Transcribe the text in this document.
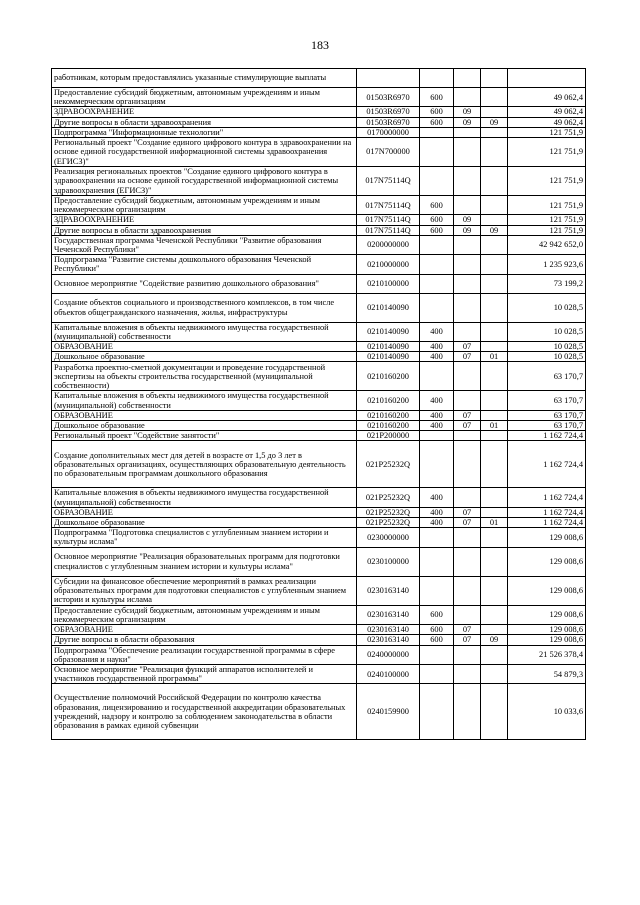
183
работникам, которым предоставлялись указанные стимулирующие выплаты					
Предоставление субсидий бюджетным, автономным учреждениям и иным некоммерческим организациям	01503R6970	600			49 062,4
ЗДРАВООХРАНЕНИЕ	01503R6970	600	09		49 062,4
Другие вопросы в области здравоохранения	01503R6970	600	09	09	49 062,4
Подпрограмма "Информационные технологии"	0170000000				121 751,9
Региональный проект "Создание единого цифрового контура в здравоохранении на основе единой государственной информационной системы здравоохранения (ЕГИСЗ)"	017N700000				121 751,9
Реализация региональных проектов "Создание единого цифрового контура в здравоохранении на основе единой государственной информационной системы здравоохранения (ЕГИСЗ)"	017N75114Q				121 751,9
Предоставление субсидий бюджетным, автономным учреждениям и иным некоммерческим организациям	017N75114Q	600			121 751,9
ЗДРАВООХРАНЕНИЕ	017N75114Q	600	09		121 751,9
Другие вопросы в области здравоохранения	017N75114Q	600	09	09	121 751,9
Государственная программа Чеченской Республики "Развитие образования Чеченской Республики"	0200000000				42 942 652,0
Подпрограмма "Развитие системы дошкольного образования Чеченской Республики"	0210000000				1 235 923,6
Основное мероприятие "Содействие развитию дошкольного образования"	0210100000				73 199,2
Создание объектов социального и производственного комплексов, в том числе объектов общегражданского назначения, жилья, инфраструктуры	0210140090				10 028,5
Капитальные вложения в объекты недвижимого имущества государственной (муниципальной) собственности	0210140090	400			10 028,5
ОБРАЗОВАНИЕ	0210140090	400	07		10 028,5
Дошкольное образование	0210140090	400	07	01	10 028,5
Разработка проектно-сметной документации и проведение государственной экспертизы на объекты строительства государственной (муниципальной собственности)	0210160200				63 170,7
Капитальные вложения в объекты недвижимого имущества государственной (муниципальной) собственности	0210160200	400			63 170,7
ОБРАЗОВАНИЕ	0210160200	400	07		63 170,7
Дошкольное образование	0210160200	400	07	01	63 170,7
Региональный проект "Содействие занятости"	021P200000				1 162 724,4
Создание дополнительных мест для детей в возрасте от 1,5 до 3 лет в образовательных организациях, осуществляющих образовательную деятельность по образовательным программам дошкольного образования	021P25232Q				1 162 724,4
Капитальные вложения в объекты недвижимого имущества государственной (муниципальной) собственности	021P25232Q	400			1 162 724,4
ОБРАЗОВАНИЕ	021P25232Q	400	07		1 162 724,4
Дошкольное образование	021P25232Q	400	07	01	1 162 724,4
Подпрограмма "Подготовка специалистов с углубленным знанием истории и культуры ислама"	0230000000				129 008,6
Основное мероприятие "Реализация образовательных программ для подготовки специалистов с углубленным знанием истории и культуры ислама"	0230100000				129 008,6
Субсидии на финансовое обеспечение мероприятий в рамках реализации образовательных программ для подготовки специалистов с углубленным знанием истории и культуры ислама	0230163140				129 008,6
Предоставление субсидий бюджетным, автономным учреждениям и иным некоммерческим организациям	0230163140	600			129 008,6
ОБРАЗОВАНИЕ	0230163140	600	07		129 008,6
Другие вопросы в области образования	0230163140	600	07	09	129 008,6
Подпрограмма "Обеспечение реализации государственной программы в сфере образования и науки"	0240000000				21 526 378,4
Основное мероприятие "Реализация функций аппаратов исполнителей и участников государственной программы"	0240100000				54 879,3
Осуществление полномочий Российской Федерации по контролю качества образования, лицензированию и государственной аккредитации образовательных учреждений, надзору и контролю за соблюдением законодательства в области образования в рамках единой субвенции	0240159900				10 033,6
